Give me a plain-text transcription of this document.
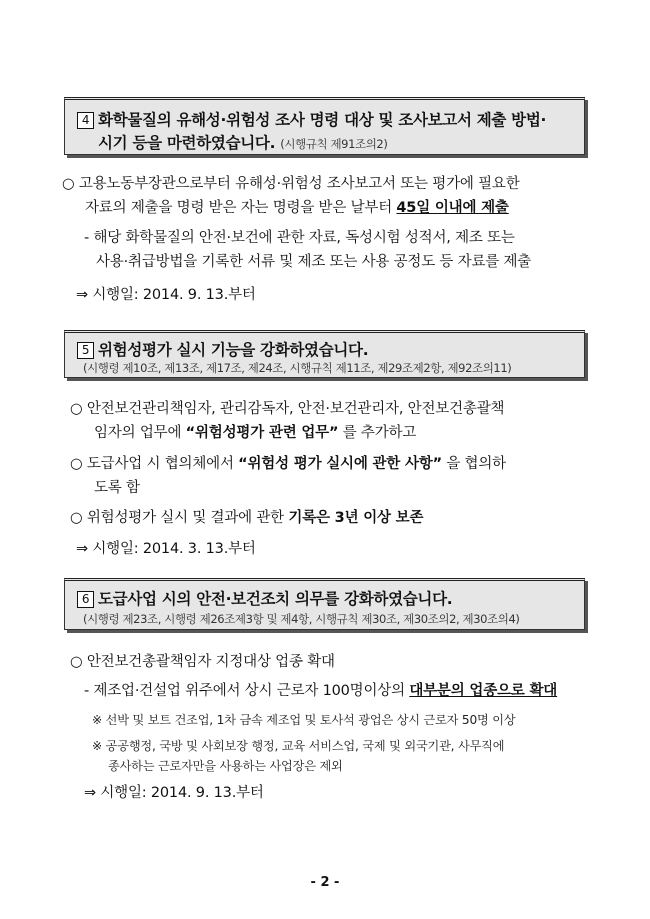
4 화학물질의 유해성·위험성 조사 명령 대상 및 조사보고서 제출 방법·
시기 등을 마련하였습니다. (시행규칙 제91조의2)
○ 고용노동부장관으로부터 유해성·위험성 조사보고서 또는 평가에 필요한
자료의 제출을 명령 받은 자는 명령을 받은 날부터 45일 이내에 제출
- 해당 화학물질의 안전·보건에 관한 자료, 독성시험 성적서, 제조 또는
사용·취급방법을 기록한 서류 및 제조 또는 사용 공정도 등 자료를 제출
⇒ 시행일: 2014. 9. 13.부터
5 위험성평가 실시 기능을 강화하였습니다.
(시행령 제10조, 제13조, 제17조, 제24조, 시행규칙 제11조, 제29조제2항, 제92조의11)
○ 안전보건관리책임자, 관리감독자, 안전·보건관리자, 안전보건총괄책
임자의 업무에 “위험성평가 관련 업무” 를 추가하고
○ 도급사업 시 협의체에서 “위험성 평가 실시에 관한 사항” 을 협의하
도록 함
○ 위험성평가 실시 및 결과에 관한 기록은 3년 이상 보존
⇒ 시행일: 2014. 3. 13.부터
6 도급사업 시의 안전·보건조치 의무를 강화하였습니다.
(시행령 제23조, 시행령 제26조제3항 및 제4항, 시행규칙 제30조, 제30조의2, 제30조의4)
○ 안전보건총괄책임자 지정대상 업종 확대
- 제조업·건설업 위주에서 상시 근로자 100명이상의 대부분의 업종으로 확대
※ 선박 및 보트 건조업, 1차 금속 제조업 및 토사석 광업은 상시 근로자 50명 이상
※ 공공행정, 국방 및 사회보장 행정, 교육 서비스업, 국제 및 외국기관, 사무직에
종사하는 근로자만을 사용하는 사업장은 제외
⇒ 시행일: 2014. 9. 13.부터
- 2 -
